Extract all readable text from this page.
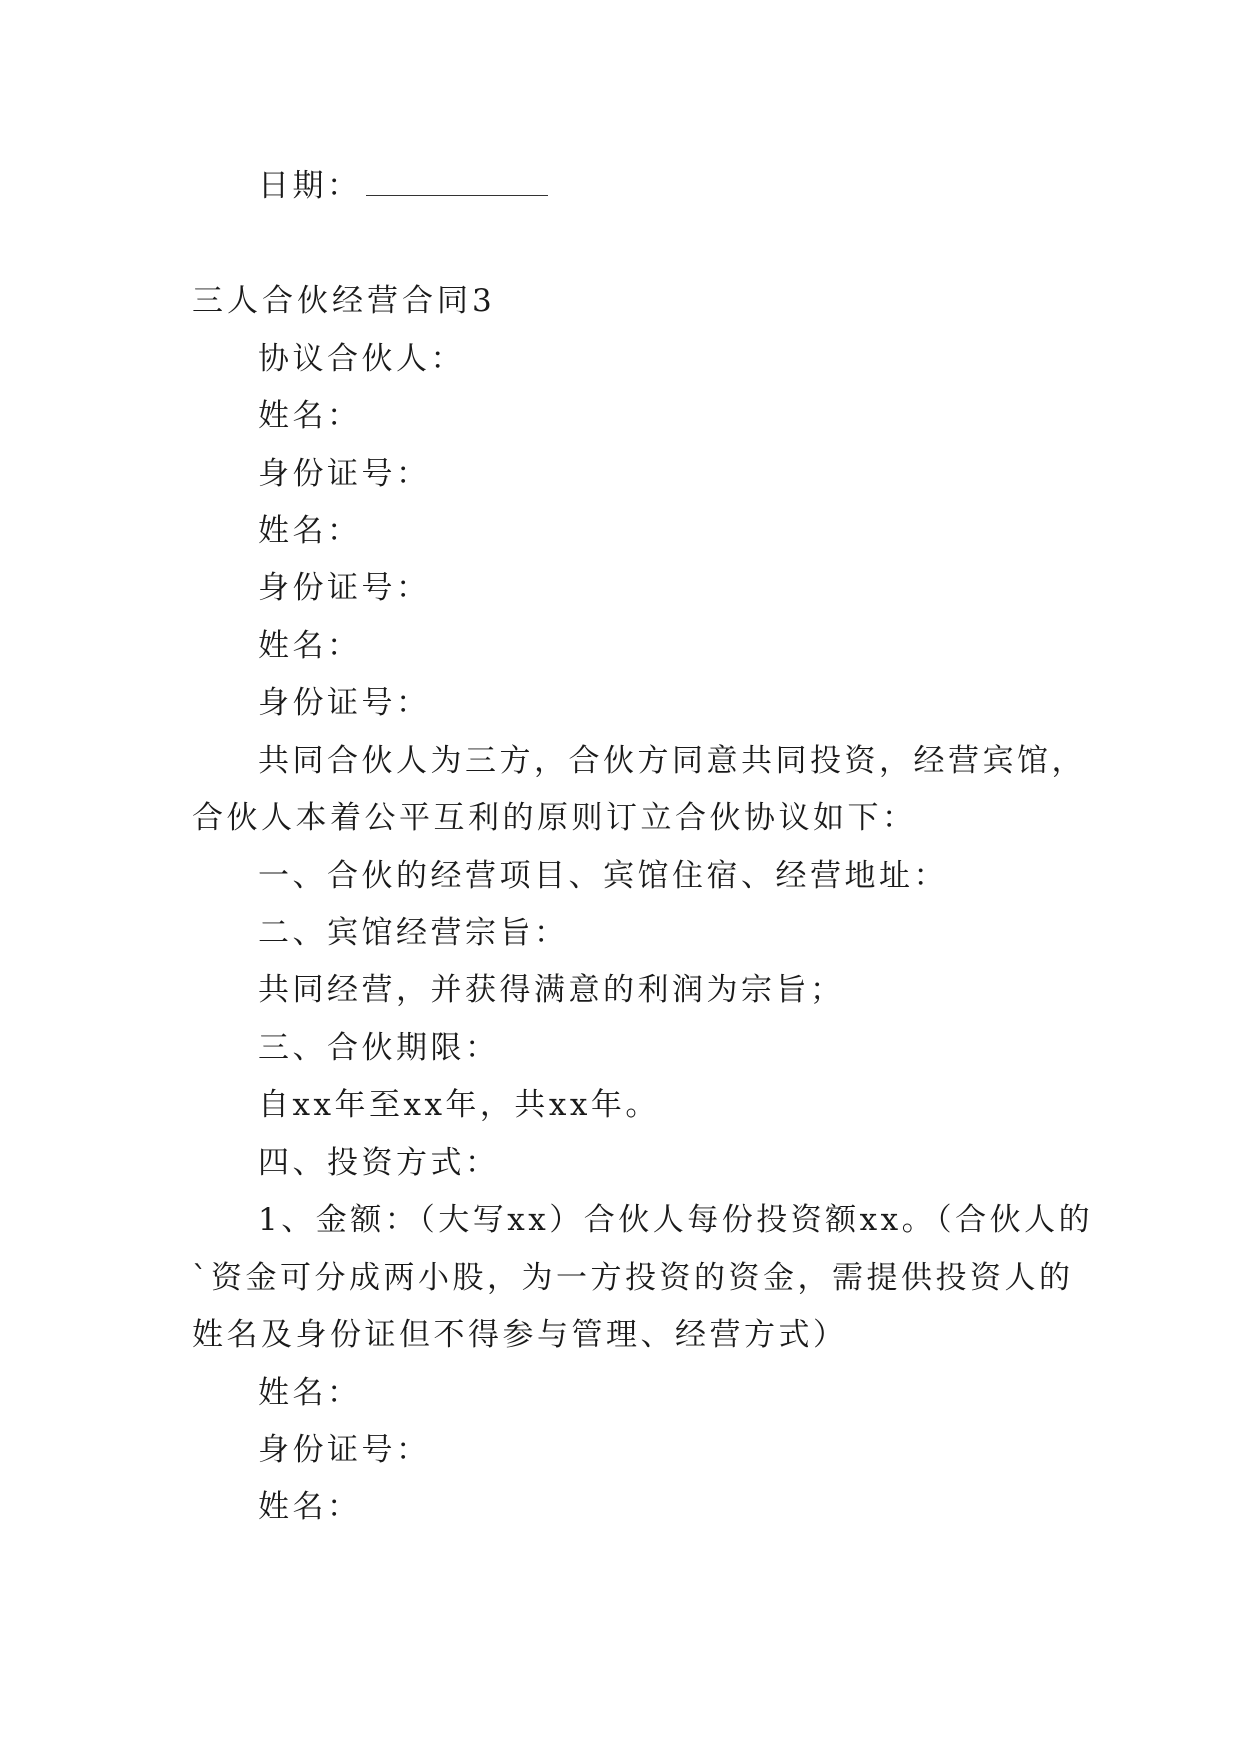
日期：
三人合伙经营合同3
协议合伙人：
姓名：
身份证号：
姓名：
身份证号：
姓名：
身份证号：
共同合伙人为三方，合伙方同意共同投资，经营宾馆，
合伙人本着公平互利的原则订立合伙协议如下：
一、合伙的经营项目、宾馆住宿、经营地址：
二、宾馆经营宗旨：
共同经营，并获得满意的利润为宗旨；
三、合伙期限：
自xx年至xx年，共xx年。
四、投资方式：
1、金额：（大写xx）合伙人每份投资额xx。（合伙人的
`资金可分成两小股，为一方投资的资金，需提供投资人的
姓名及身份证但不得参与管理、经营方式）
姓名：
身份证号：
姓名：
